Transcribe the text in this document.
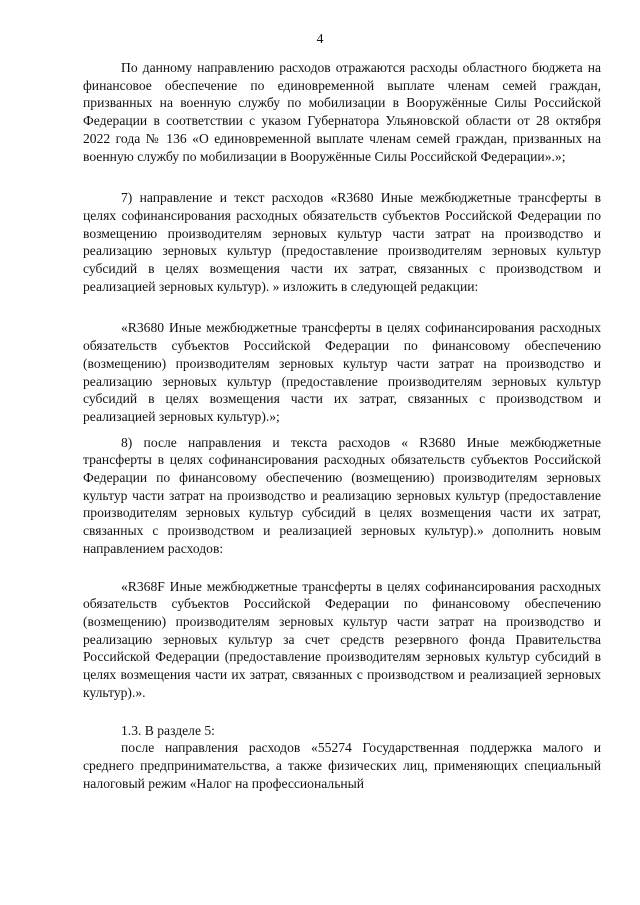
4

По данному направлению расходов отражаются расходы областного бюджета на финансовое обеспечение по единовременной выплате членам семей граждан, призванных на военную службу по мобилизации в Вооружённые Силы Российской Федерации в соответствии с указом Губернатора Ульяновской области от 28 октября 2022 года № 136 «О единовременной выплате членам семей граждан, призванных на военную службу по мобилизации в Вооружённые Силы Российской Федерации».»;

7) направление и текст расходов «R3680 Иные межбюджетные трансферты в целях софинансирования расходных обязательств субъектов Российской Федерации по возмещению производителям зерновых культур части затрат на производство и реализацию зерновых культур (предоставление производителям зерновых культур субсидий в целях возмещения части их затрат, связанных с производством и реализацией зерновых культур). » изложить в следующей редакции:

«R3680 Иные межбюджетные трансферты в целях софинансирования расходных обязательств субъектов Российской Федерации по финансовому обеспечению (возмещению) производителям зерновых культур части затрат на производство и реализацию зерновых культур (предоставление производителям зерновых культур субсидий в целях возмещения части их затрат, связанных с производством и реализацией зерновых культур).»;

8) после направления и текста расходов « R3680 Иные межбюджетные трансферты в целях софинансирования расходных обязательств субъектов Российской Федерации по финансовому обеспечению (возмещению) производителям зерновых культур части затрат на производство и реализацию зерновых культур (предоставление производителям зерновых культур субсидий в целях возмещения части их затрат, связанных с производством и реализацией зерновых культур).» дополнить новым направлением расходов:

«R368F Иные межбюджетные трансферты в целях софинансирования расходных обязательств субъектов Российской Федерации по финансовому обеспечению (возмещению) производителям зерновых культур части затрат на производство и реализацию зерновых культур за счет средств резервного фонда Правительства Российской Федерации (предоставление производителям зерновых культур субсидий в целях возмещения части их затрат, связанных с производством и реализацией зерновых культур).».

1.3. В разделе 5:

после направления расходов «55274 Государственная поддержка малого и среднего предпринимательства, а также физических лиц, применяющих специальный налоговый режим «Налог на профессиональный
